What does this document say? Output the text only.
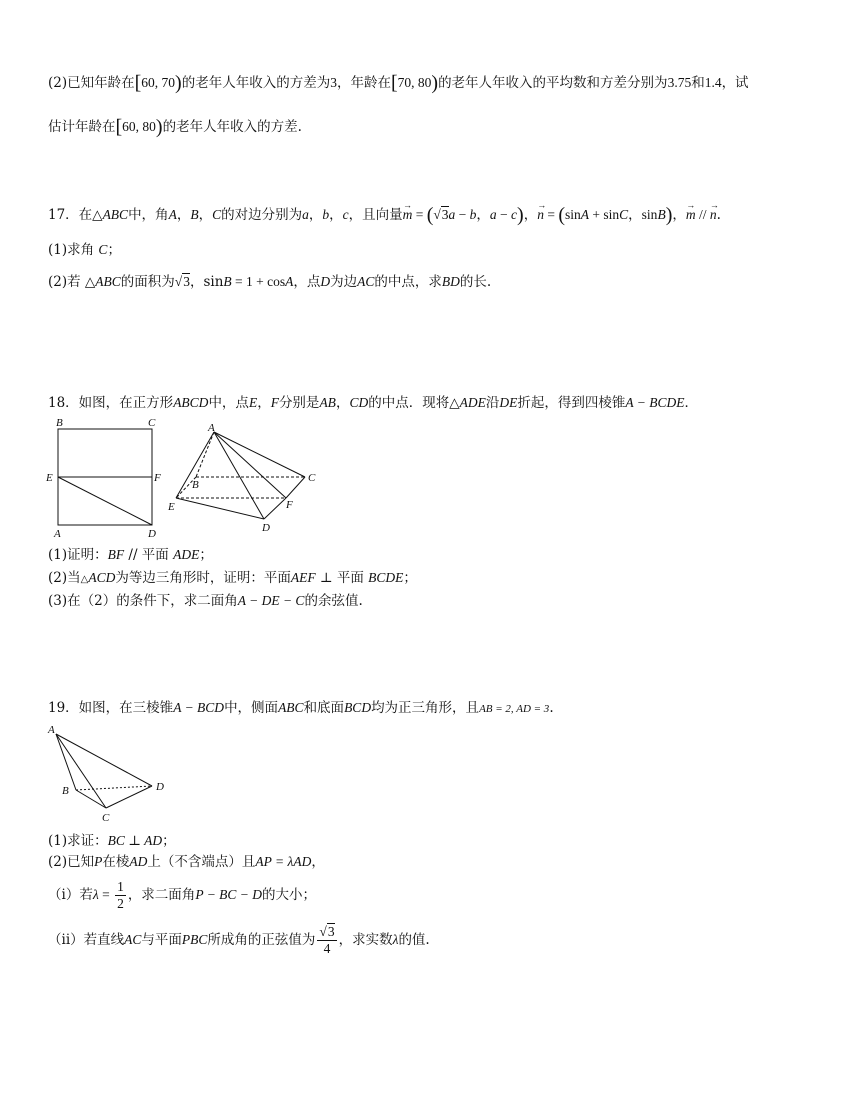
(2)已知年龄在[60, 70)的老年人年收入的方差为3，年龄在[70, 80)的老年人年收入的平均数和方差分别为3.75和1.4，试
估计年龄在[60, 80)的老年人年收入的方差.
17．在△ABC中，角A，B，C的对边分别为a，b，c，且向量m → = (√3a − b，a − c)，n → = (sinA + sinC，sinB)，m → // n →.
(1)求角 C；
(2)若 △ABC的面积为√3，sinB = 1 + cosA，点D为边AC的中点，求BD的长.
18．如图，在正方形ABCD中，点E，F分别是AB，CD的中点．现将△ADE沿DE折起，得到四棱锥A − BCDE．
B	C
E	F
A	D
A
B
C
E	F
D
(1)证明：BF // 平面 ADE；
(2)当△ACD为等边三角形时，证明：平面AEF ⊥ 平面 BCDE；
(3)在（2）的条件下，求二面角A − DE − C的余弦值.
19．如图，在三棱锥A − BCD中，侧面ABC和底面BCD均为正三角形，且AB = 2, AD = 3.
A
B
C
D
(1)求证：BC ⊥ AD；
(2)已知P在棱AD上（不含端点）且AP = λAD，
（i）若$\lambda = \frac{1}{2}$ ，求二面角P − BC − D的大小；
（ii）若直线AC与平面PBC所成角的正弦值为 $\frac{√3}{4}$ ，求实数λ的值.
